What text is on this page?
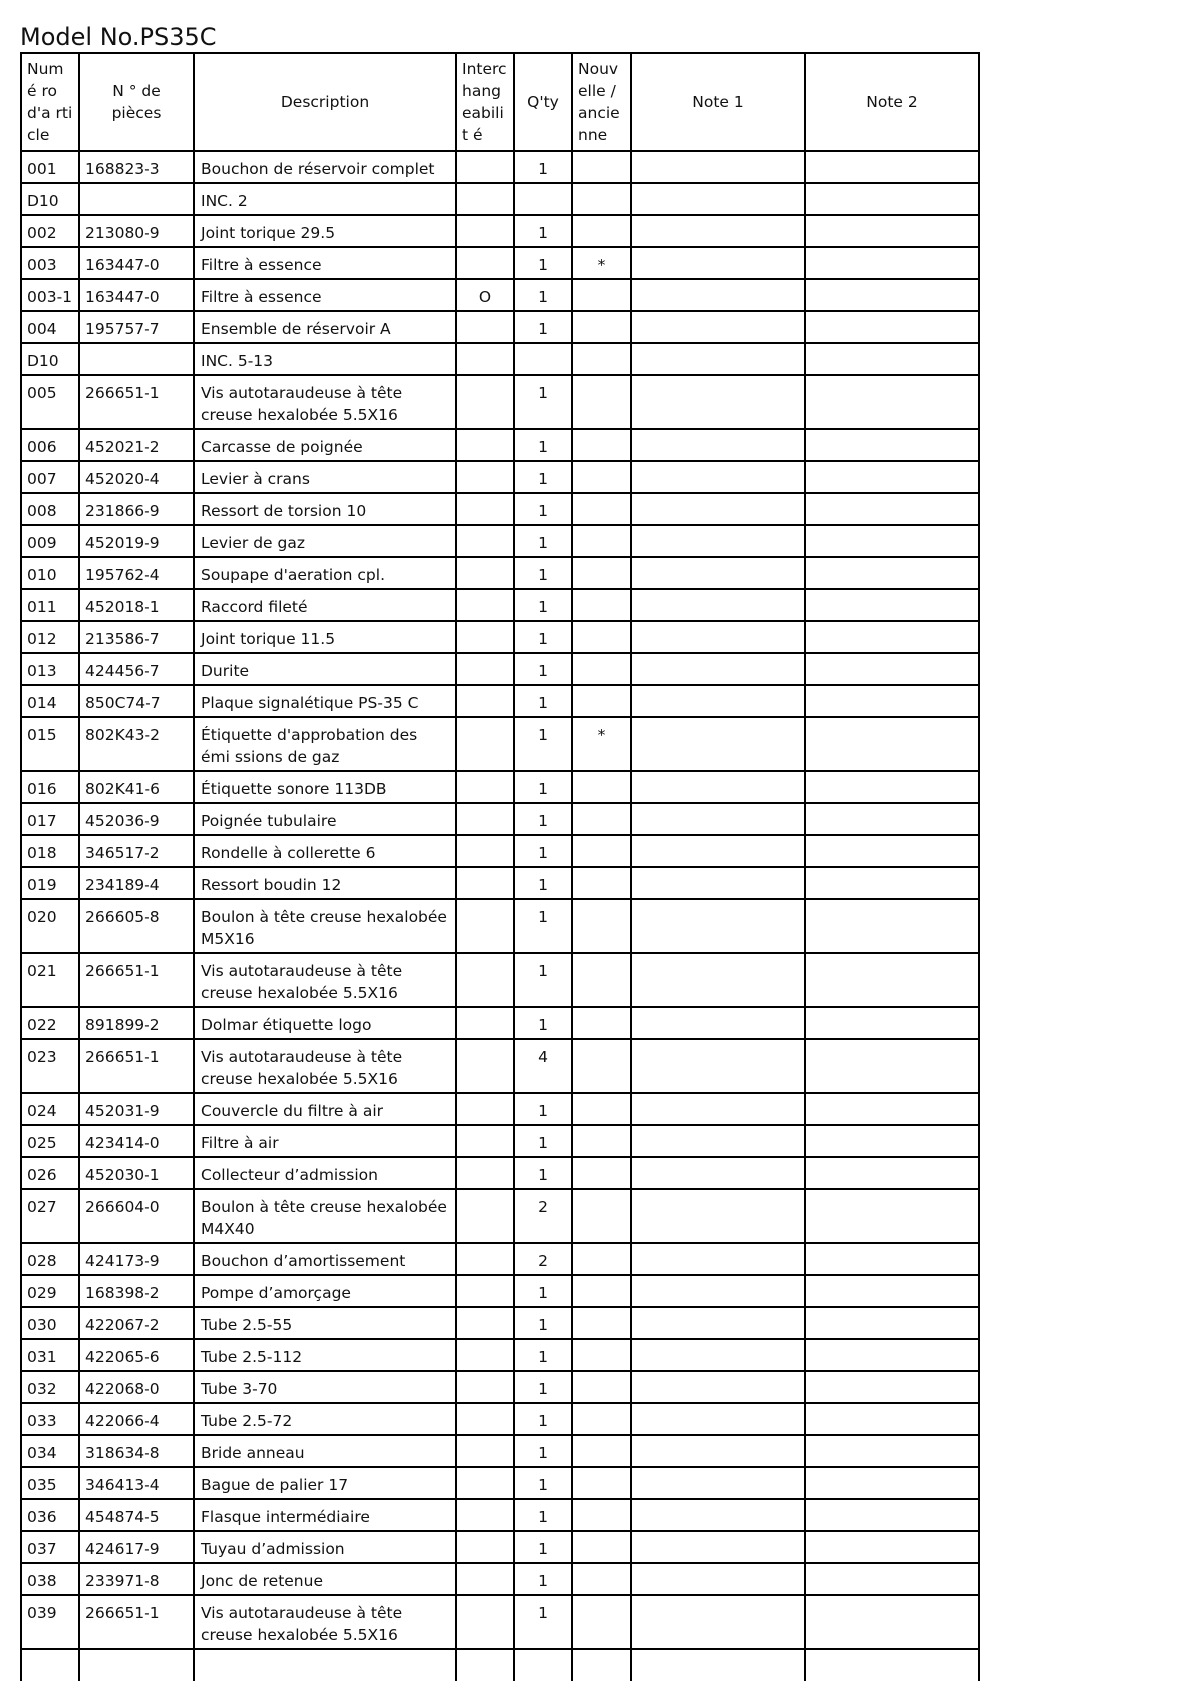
Model No.PS35C
Numé ro d'a rticle	N ° de pièces	Description	Interc hang eabilit é	Q'ty	Nouv elle / ancie nne	Note 1	Note 2
001	168823-3	Bouchon de réservoir complet		1			
D10		INC. 2					
002	213080-9	Joint torique 29.5		1			
003	163447-0	Filtre à essence		1	*		
003-1	163447-0	Filtre à essence	O	1			
004	195757-7	Ensemble de réservoir A		1			
D10		INC. 5-13					
005	266651-1	Vis autotaraudeuse à tête creuse hexalobée 5.5X16		1			
006	452021-2	Carcasse de poignée		1			
007	452020-4	Levier à crans		1			
008	231866-9	Ressort de torsion 10		1			
009	452019-9	Levier de gaz		1			
010	195762-4	Soupape d'aeration cpl.		1			
011	452018-1	Raccord fileté		1			
012	213586-7	Joint torique 11.5		1			
013	424456-7	Durite		1			
014	850C74-7	Plaque signalétique PS-35 C		1			
015	802K43-2	Étiquette d'approbation des émi ssions de gaz		1	*		
016	802K41-6	Étiquette sonore 113DB		1			
017	452036-9	Poignée tubulaire		1			
018	346517-2	Rondelle à collerette 6		1			
019	234189-4	Ressort boudin 12		1			
020	266605-8	Boulon à tête creuse hexalobée M5X16		1			
021	266651-1	Vis autotaraudeuse à tête creuse hexalobée 5.5X16		1			
022	891899-2	Dolmar étiquette logo		1			
023	266651-1	Vis autotaraudeuse à tête creuse hexalobée 5.5X16		4			
024	452031-9	Couvercle du filtre à air		1			
025	423414-0	Filtre à air		1			
026	452030-1	Collecteur d’admission		1			
027	266604-0	Boulon à tête creuse hexalobée M4X40		2			
028	424173-9	Bouchon d’amortissement		2			
029	168398-2	Pompe d’amorçage		1			
030	422067-2	Tube 2.5-55		1			
031	422065-6	Tube 2.5-112		1			
032	422068-0	Tube 3-70		1			
033	422066-4	Tube 2.5-72		1			
034	318634-8	Bride anneau		1			
035	346413-4	Bague de palier 17		1			
036	454874-5	Flasque intermédiaire		1			
037	424617-9	Tuyau d’admission		1			
038	233971-8	Jonc de retenue		1			
039	266651-1	Vis autotaraudeuse à tête creuse hexalobée 5.5X16		1			
